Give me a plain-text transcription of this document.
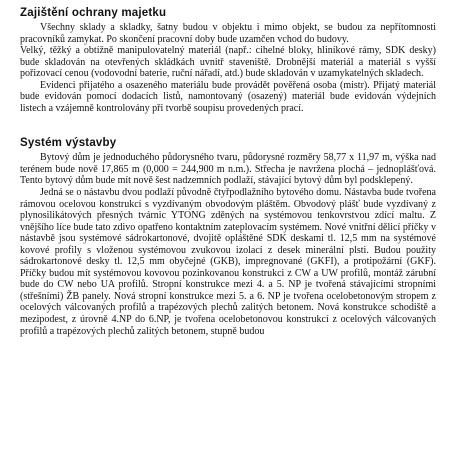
Zajištění ochrany majetku

Všechny sklady a skladky, šatny budou v objektu i mimo objekt, se budou za nepřítomnosti pracovníků zamykat. Po skončení pracovní doby bude uzamčen vchod do budovy.

Velký, těžký a obtížně manipulovatelný materiál (např.: cihelné bloky, hliníkové rámy, SDK desky) bude skladován na otevřených skládkách uvnitř staveniště. Drobnější materiál a materiál s vyšší pořizovací cenou (vodovodní baterie, ruční nářadí, atd.) bude skladován v uzamykatelných skladech.

Evidenci přijatého a osazeného materiálu bude provádět pověřená osoba (mistr). Přijatý materiál bude evidován pomocí dodacích listů, namontovaný (osazený) materiál bude evidován výdejních listech a vzájemně kontrolovány při tvorbě soupisu provedených prací.

Systém výstavby

Bytový dům je jednoduchého půdorysného tvaru, půdorysné rozměry 58,77 x 11,97 m, výška nad terénem bude nově 17,865 m (0,000 = 244,900 m n.m.). Střecha je navržena plochá – jednoplášťová. Tento bytový dům bude mít nově šest nadzemních podlaží, stávající bytový dům byl podsklepený.

Jedná se o nástavbu dvou podlaží původně čtyřpodlažního bytového domu. Nástavba bude tvořena rámovou ocelovou konstrukcí s vyzdívaným obvodovým pláštěm. Obvodový plášť bude vyzdívaný z plynosilikátových přesných tvárnic YTONG zděných na systémovou tenkovrstvou zdící maltu. Z vnějšího líce bude tato zdivo opatřeno kontaktním zateplovacím systémem. Nové vnitřní dělicí příčky v nástavbě jsou systémové sádrokartonové, dvojitě opláštěné SDK deskami tl. 12,5 mm na systémové kovové profily s vloženou systémovou zvukovou izolací z desek minerální plsti. Budou použity sádrokartonové desky tl. 12,5 mm obyčejné (GKB), impregnované (GKFI), a protipožární (GKF). Příčky budou mít systémovou kovovou pozinkovanou konstrukci z CW a UW profilů, montáž zárubní bude do CW nebo UA profilů. Stropní konstrukce mezi 4. a 5. NP je tvořená stávajícími stropními (střešními) ŽB panely. Nová stropní konstrukce mezi 5. a 6. NP je tvořena ocelobetonovým stropem z ocelových válcovaných profilů a trapézových plechů zalitých betonem. Nová konstrukce schodiště a mezipodest, z úrovně 4.NP do 6.NP, je tvořena ocelobetonovou konstrukcí z ocelových válcovaných profilů a trapézových plechů zalitých betonem, stupně budou
